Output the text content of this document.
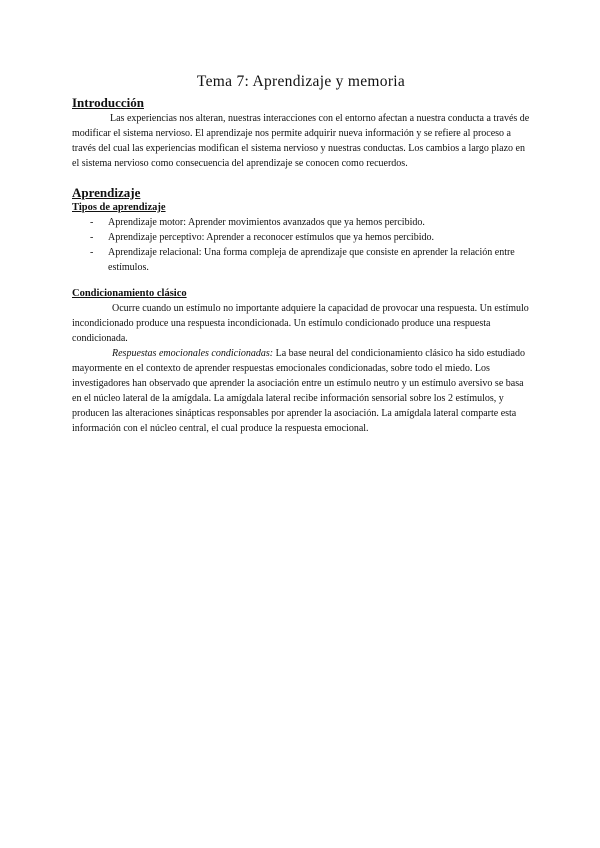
Tema 7: Aprendizaje y memoria
Introducción

Las experiencias nos alteran, nuestras interacciones con el entorno afectan a nuestra conducta a través de modificar el sistema nervioso. El aprendizaje nos permite adquirir nueva información y se refiere al proceso a través del cual las experiencias modifican el sistema nervioso y nuestras conductas. Los cambios a largo plazo en el sistema nervioso como consecuencia del aprendizaje se conocen como recuerdos.

Aprendizaje
Tipos de aprendizaje
- Aprendizaje motor: Aprender movimientos avanzados que ya hemos percibido.
- Aprendizaje perceptivo: Aprender a reconocer estímulos que ya hemos percibido.
- Aprendizaje relacional: Una forma compleja de aprendizaje que consiste en aprender la relación entre estímulos.
Condicionamiento clásico

Ocurre cuando un estímulo no importante adquiere la capacidad de provocar una respuesta. Un estímulo incondicionado produce una respuesta incondicionada. Un estímulo condicionado produce una respuesta condicionada.

Respuestas emocionales condicionadas: La base neural del condicionamiento clásico ha sido estudiado mayormente en el contexto de aprender respuestas emocionales condicionadas, sobre todo el miedo. Los investigadores han observado que aprender la asociación entre un estímulo neutro y un estímulo aversivo se basa en el núcleo lateral de la amígdala. La amígdala lateral recibe información sensorial sobre los 2 estímulos, y producen las alteraciones sinápticas responsables por aprender la asociación. La amígdala lateral comparte esta información con el núcleo central, el cual produce la respuesta emocional.
